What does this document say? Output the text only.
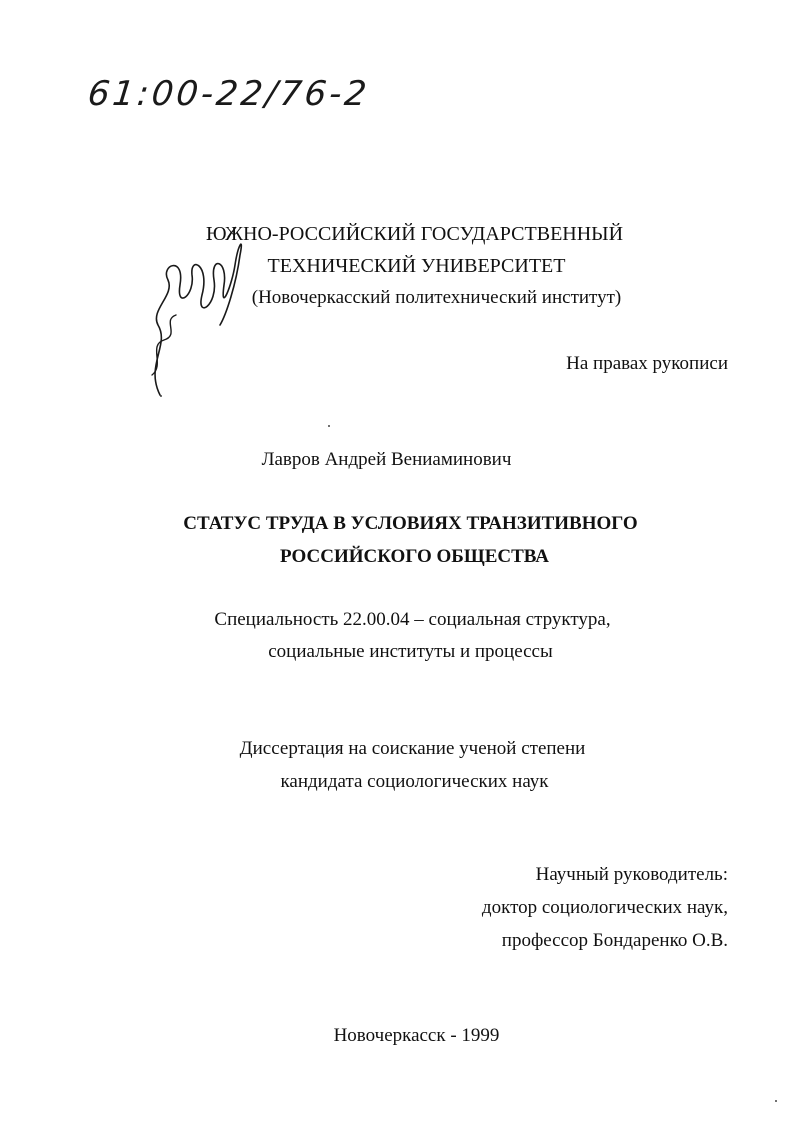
61:00-22/76-2
ЮЖНО-РОССИЙСКИЙ ГОСУДАРСТВЕННЫЙ
ТЕХНИЧЕСКИЙ УНИВЕРСИТЕТ
(Новочеркасский политехнический институт)
На правах рукописи
Лавров Андрей Вениаминович
СТАТУС ТРУДА В УСЛОВИЯХ ТРАНЗИТИВНОГО
РОССИЙСКОГО ОБЩЕСТВА
Специальность 22.00.04 – социальная структура,
социальные институты и процессы
Диссертация на соискание ученой степени
кандидата социологических наук
Научный руководитель:
доктор социологических наук,
профессор Бондаренко О.В.
Новочеркасск - 1999
